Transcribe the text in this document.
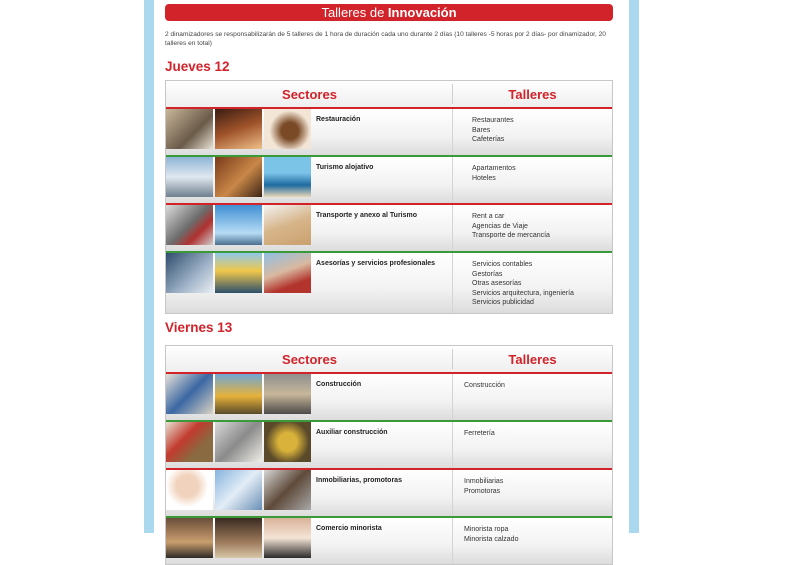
Talleres de Innovación
2 dinamizadores se responsabilizarán de 5 talleres de 1 hora de duración cada uno durante 2 días (10 talleres -5 horas por 2 días- por dinamizador, 20 talleres en total)
Jueves 12
Sectores	Talleres
Restauración	Restaurantes
Bares
Cafeterías
Turismo alojativo	Apartamentos
Hoteles
Transporte y anexo al Turismo	Rent a car
Agencias de Viaje
Transporte de mercancía
Asesorías y servicios profesionales	Servicios contables
Gestorías
Otras asesorías
Servicios arquitectura, ingeniería
Servicios publicidad
Viernes 13
Sectores	Talleres
Construcción	Construcción
Auxiliar construcción	Ferretería
Inmobiliarias, promotoras	Inmobiliarias
Promotoras
Comercio minorista	Minorista ropa
Minorista calzado
